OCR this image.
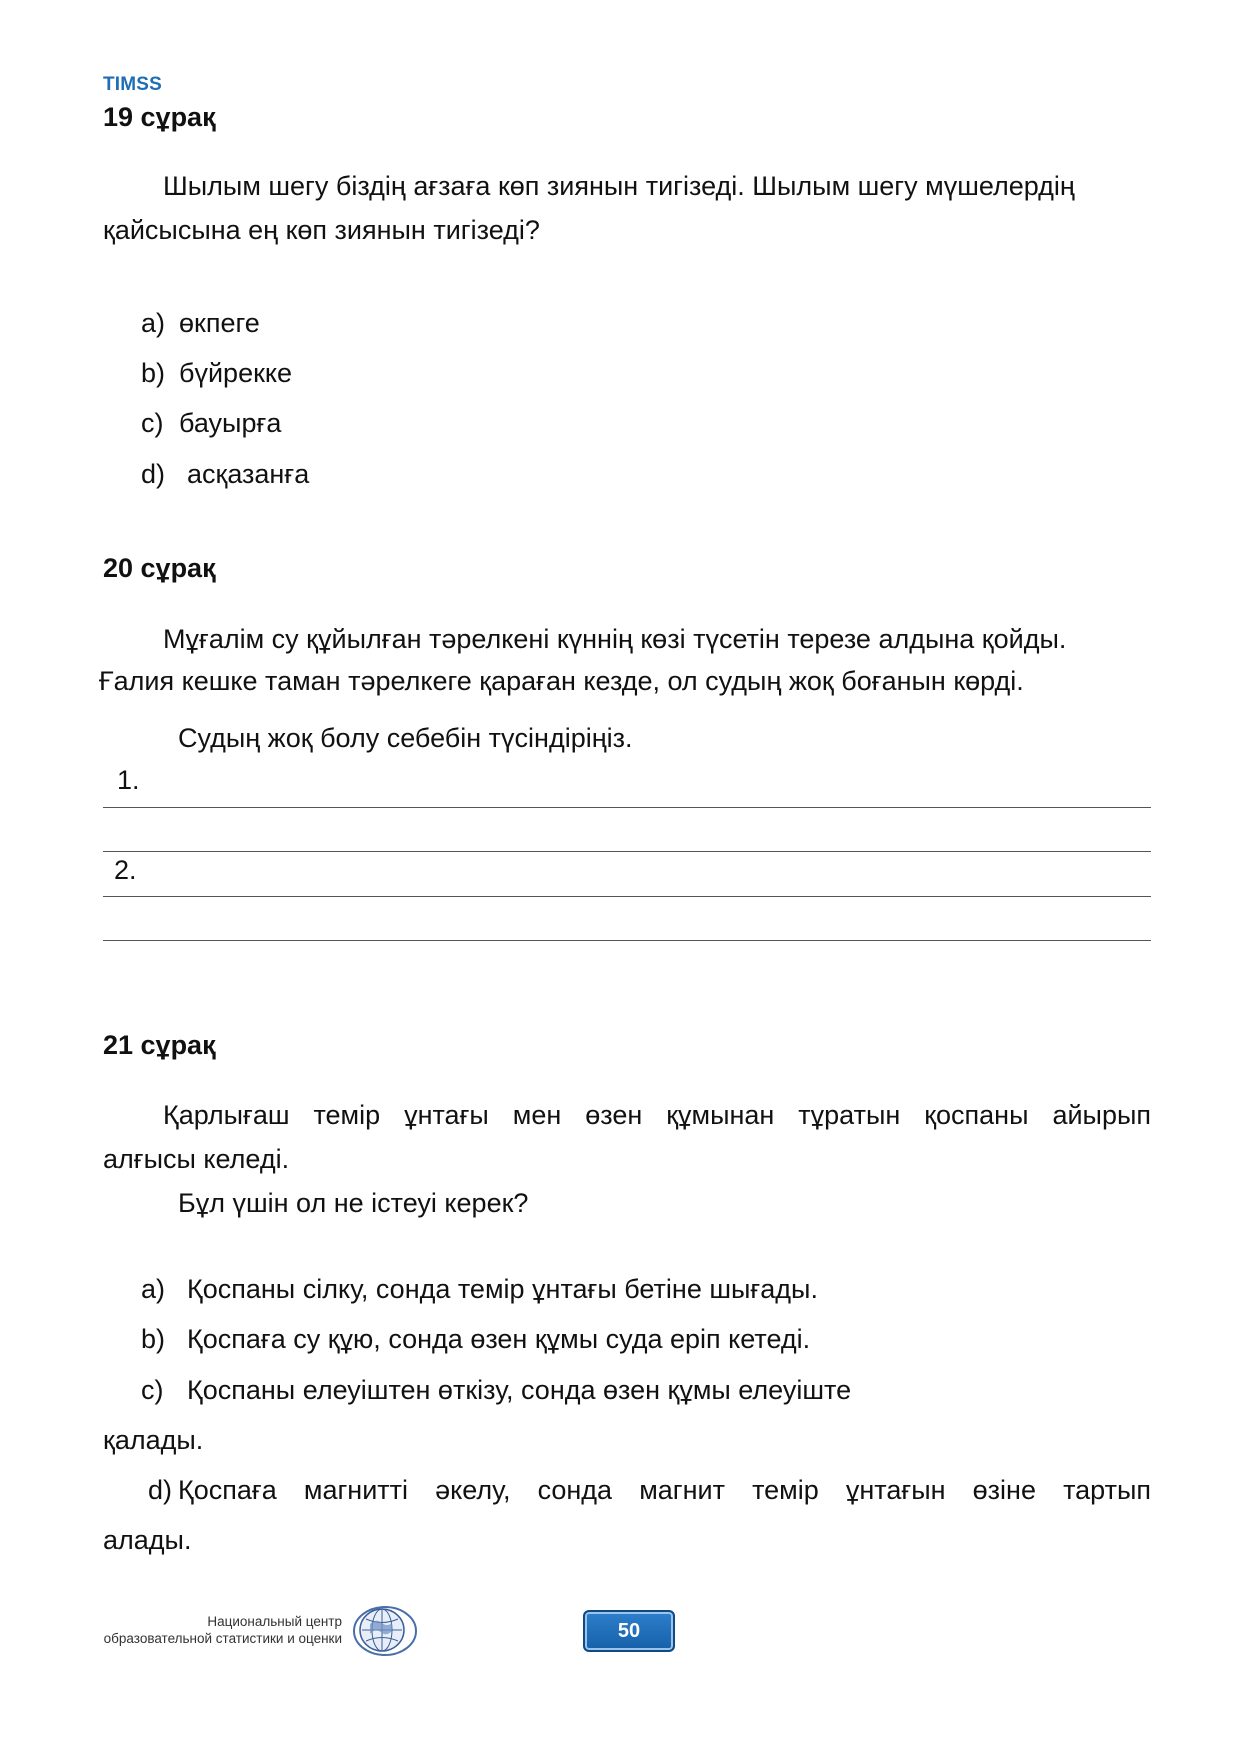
TIMSS
19 сұрақ
Шылым шегу біздің ағзаға көп зиянын тигізеді. Шылым шегу мүшелердің
қайсысына ең көп зиянын тигізеді?
a) өкпеге
b) бүйрекке
c) бауырға
d) асқазанға
20 сұрақ
Мұғалім су құйылған тәрелкені күннің көзі түсетін терезе алдына қойды.
Ғалия кешке таман тәрелкеге қараған кезде, ол судың жоқ боғанын көрді.
Судың жоқ болу себебін түсіндіріңіз.
1.
2.
21 сұрақ
Қарлығаш темір ұнтағы мен өзен құмынан тұратын қоспаны айырып
алғысы келеді.
Бұл үшін ол не істеуі керек?
a) Қоспаны сілку, сонда темір ұнтағы бетіне шығады.
b) Қоспаға су құю, сонда өзен құмы суда еріп кетеді.
c) Қоспаны елеуіштен өткізу, сонда өзен құмы елеуіште
қалады.
d) Қоспаға магнитті әкелу, сонда магнит темір ұнтағын өзіне тартып
алады.
50
Национальный центр
образовательной статистики и оценки
